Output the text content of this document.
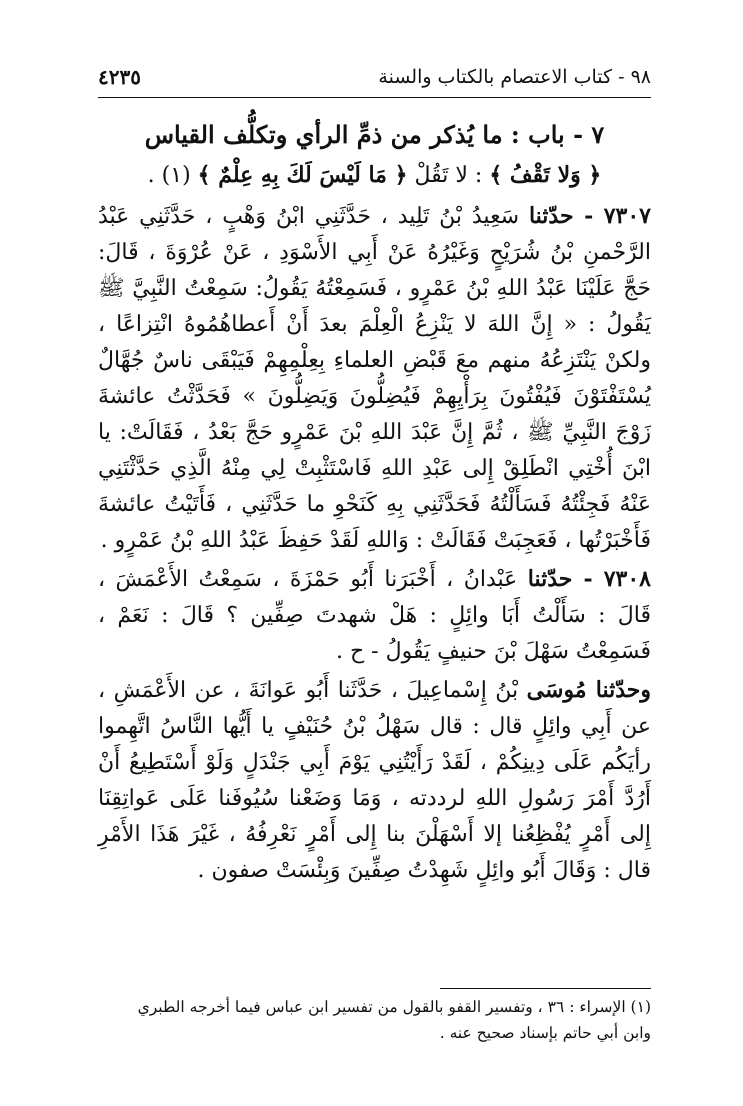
٩٨ - كتاب الاعتصام بالكتاب والسنة
٤٢٣٥
٧ - باب : ما يُذكر من ذمِّ الرأي وتكلُّف القياس
﴿ وَلا تَقْفُ ﴾ : لا تَقُلْ ﴿ مَا لَيْسَ لَكَ بِهِ عِلْمٌ ﴾ (١) .

٧٣٠٧ - حدّثنا سَعِيدُ بْنُ تَلِيد ، حَدَّثَنِي ابْنُ وَهْبٍ ، حَدَّثَنِي عَبْدُ الرَّحْمنِ بْنُ شُرَيْحٍ وَغَيْرُهُ عَنْ أَبِي الأَسْوَدِ ، عَنْ عُرْوَةَ ، قَالَ: حَجَّ عَلَيْنَا عَبْدُ اللهِ بْنُ عَمْرٍو ، فَسَمِعْتُهُ يَقُولُ: سَمِعْتُ النَّبِيَّ ﷺ يَقُولُ : « إِنَّ اللهَ لا يَنْزِعُ الْعِلْمَ بعدَ أَنْ أَعطاهُمُوهُ انْتِزاعًا ، ولكنْ يَنْتَزِعُهُ منهم معَ قَبْضِ العلماءِ بِعِلْمِهِمْ فَيَبْقَى ناسٌ جُهَّالٌ يُسْتَفْتَوْنَ فَيُفْتُونَ بِرَأْيِهِمْ فَيُضِلُّونَ وَيَضِلُّونَ » فَحَدَّثْتُ عائشةَ زَوْجَ النَّبِيِّ ﷺ ، ثُمَّ إِنَّ عَبْدَ اللهِ بْنَ عَمْرٍو حَجَّ بَعْدُ ، فَقَالَتْ: يا ابْنَ أُخْتِي انْطَلِقْ إِلى عَبْدِ اللهِ فَاسْتَثْبِتْ لِي مِنْهُ الَّذِي حَدَّثْتَنِي عَنْهُ فَجِئْتُهُ فَسَأَلْتُهُ فَحَدَّثَنِي بِهِ كَنَحْوِ ما حَدَّثَنِي ، فَأَتَيْتُ عائشةَ فَأَخْبَرْتُها ، فَعَجِبَتْ فَقَالَتْ : وَاللهِ لَقَدْ حَفِظَ عَبْدُ اللهِ بْنُ عَمْرٍو .

٧٣٠٨ - حدّثنا عَبْدانُ ، أَخْبَرَنا أَبُو حَمْزَةَ ، سَمِعْتُ الأَعْمَشَ ، قَالَ : سَأَلْتُ أَبَا وائِلٍ : هَلْ شهدتَ صِفِّين ؟ قَالَ : نَعَمْ ، فَسَمِعْتُ سَهْلَ بْنَ حنيفٍ يَقُولُ - ح .

وحدّثنا مُوسَى بْنُ إِسْماعِيلَ ، حَدَّثَنا أَبُو عَوانَةَ ، عن الأَعْمَشِ ، عن أَبِي وائِلٍ قال : قال سَهْلُ بْنُ حُنَيْفٍ يا أَيُّها النَّاسُ اتَّهِموا رأيَكُم عَلَى دِينِكُمْ ، لَقَدْ رَأَيْتُنِي يَوْمَ أَبِي جَنْدَلٍ وَلَوْ أَسْتَطِيعُ أَنْ أَرُدَّ أَمْرَ رَسُولِ اللهِ لرددته ، وَمَا وَضَعْنا سُيُوفَنا عَلَى عَواتِقِنَا إِلى أَمْرٍ يُفْظِعُنا إلا أَسْهَلْنَ بنا إِلى أَمْرٍ نَعْرِفُهُ ، غَيْرَ هَذَا الأَمْرِ قال : وَقَالَ أَبُو وائِلٍ شَهِدْتُ صِفِّينَ وَبِئْسَتْ صفون .

(١) الإسراء : ٣٦ ، وتفسير القفو بالقول من تفسير ابن عباس فيما أخرجه الطبري
وابن أبي حاتم بإسناد صحيح عنه .
